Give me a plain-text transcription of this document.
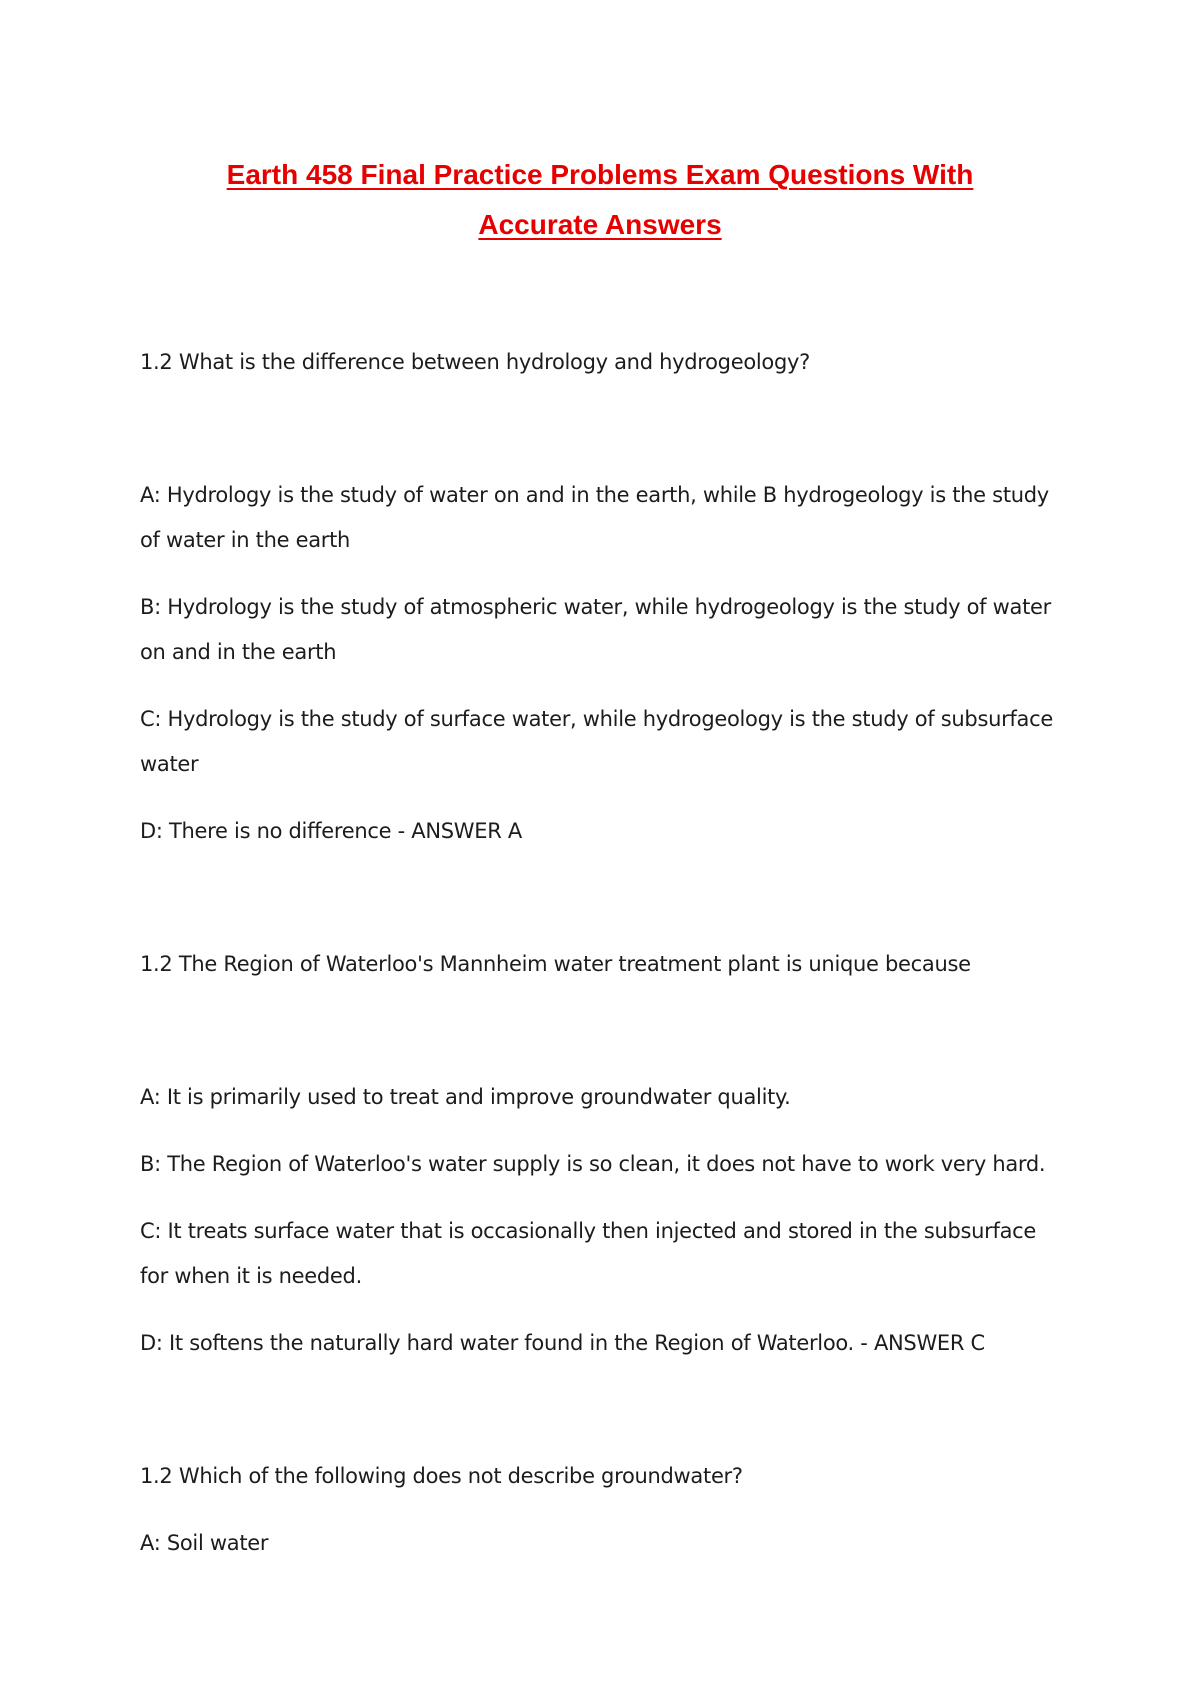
Earth 458 Final Practice Problems Exam Questions With
Accurate Answers

1.2 What is the difference between hydrology and hydrogeology?

A: Hydrology is the study of water on and in the earth, while B hydrogeology is the study of water in the earth

B: Hydrology is the study of atmospheric water, while hydrogeology is the study of water on and in the earth

C: Hydrology is the study of surface water, while hydrogeology is the study of subsurface water

D: There is no difference - ANSWER A

1.2 The Region of Waterloo's Mannheim water treatment plant is unique because

A: It is primarily used to treat and improve groundwater quality.

B: The Region of Waterloo's water supply is so clean, it does not have to work very hard.

C: It treats surface water that is occasionally then injected and stored in the subsurface for when it is needed.

D: It softens the naturally hard water found in the Region of Waterloo. - ANSWER C

1.2 Which of the following does not describe groundwater?

A: Soil water
